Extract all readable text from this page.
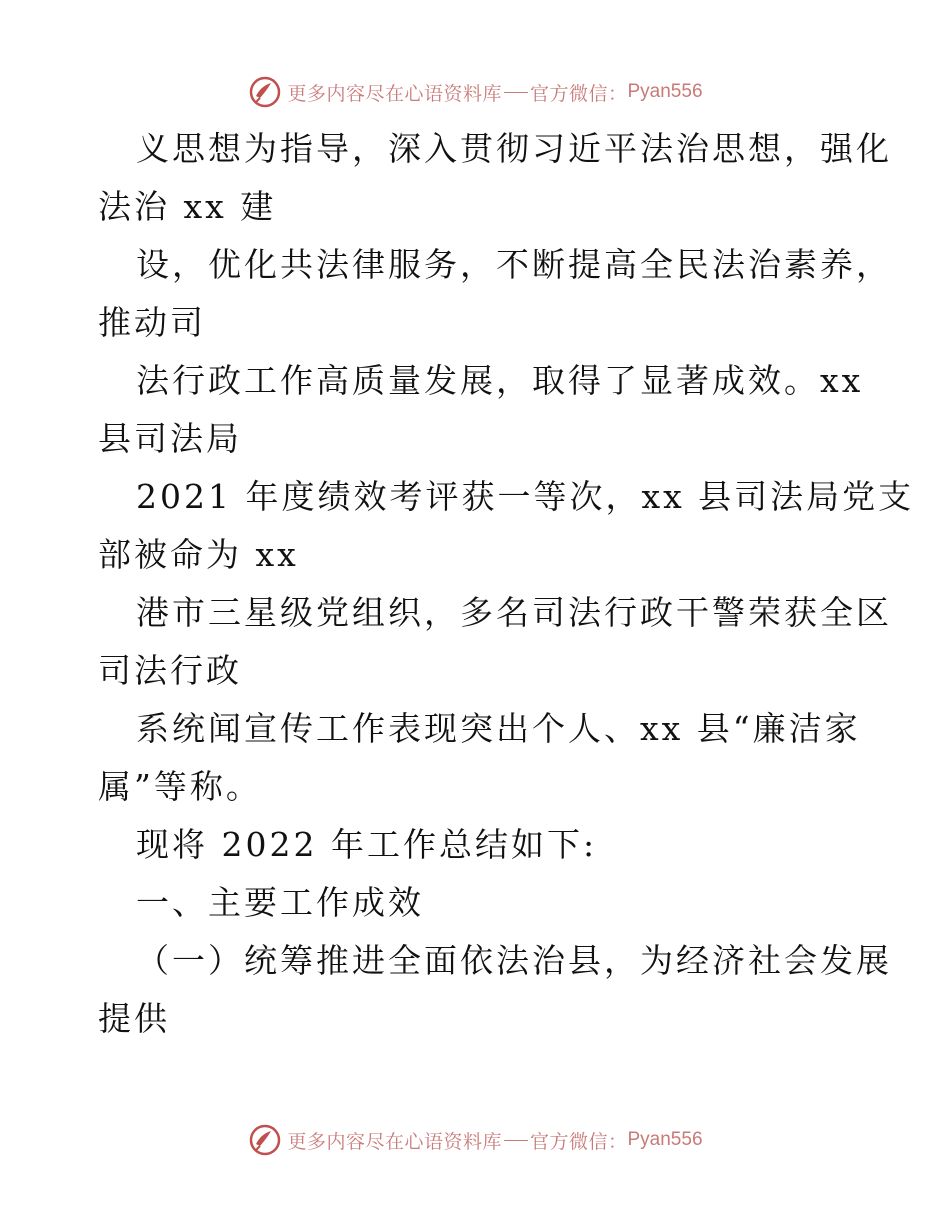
更多内容尽在心语资料库 官方微信： Pyan556
义思想为指导，深入贯彻习近平法治思想，强化
法治 xx 建
设，优化共法律服务，不断提高全民法治素养，
推动司
法行政工作高质量发展，取得了显著成效。xx
县司法局
2021 年度绩效考评获一等次，xx 县司法局党支
部被命为 xx
港市三星级党组织，多名司法行政干警荣获全区
司法行政
系统闻宣传工作表现突出个人、xx 县“廉洁家
属”等称。
现将 2022 年工作总结如下:
一、主要工作成效
（一）统筹推进全面依法治县，为经济社会发展
提供
更多内容尽在心语资料库 官方微信： Pyan556
